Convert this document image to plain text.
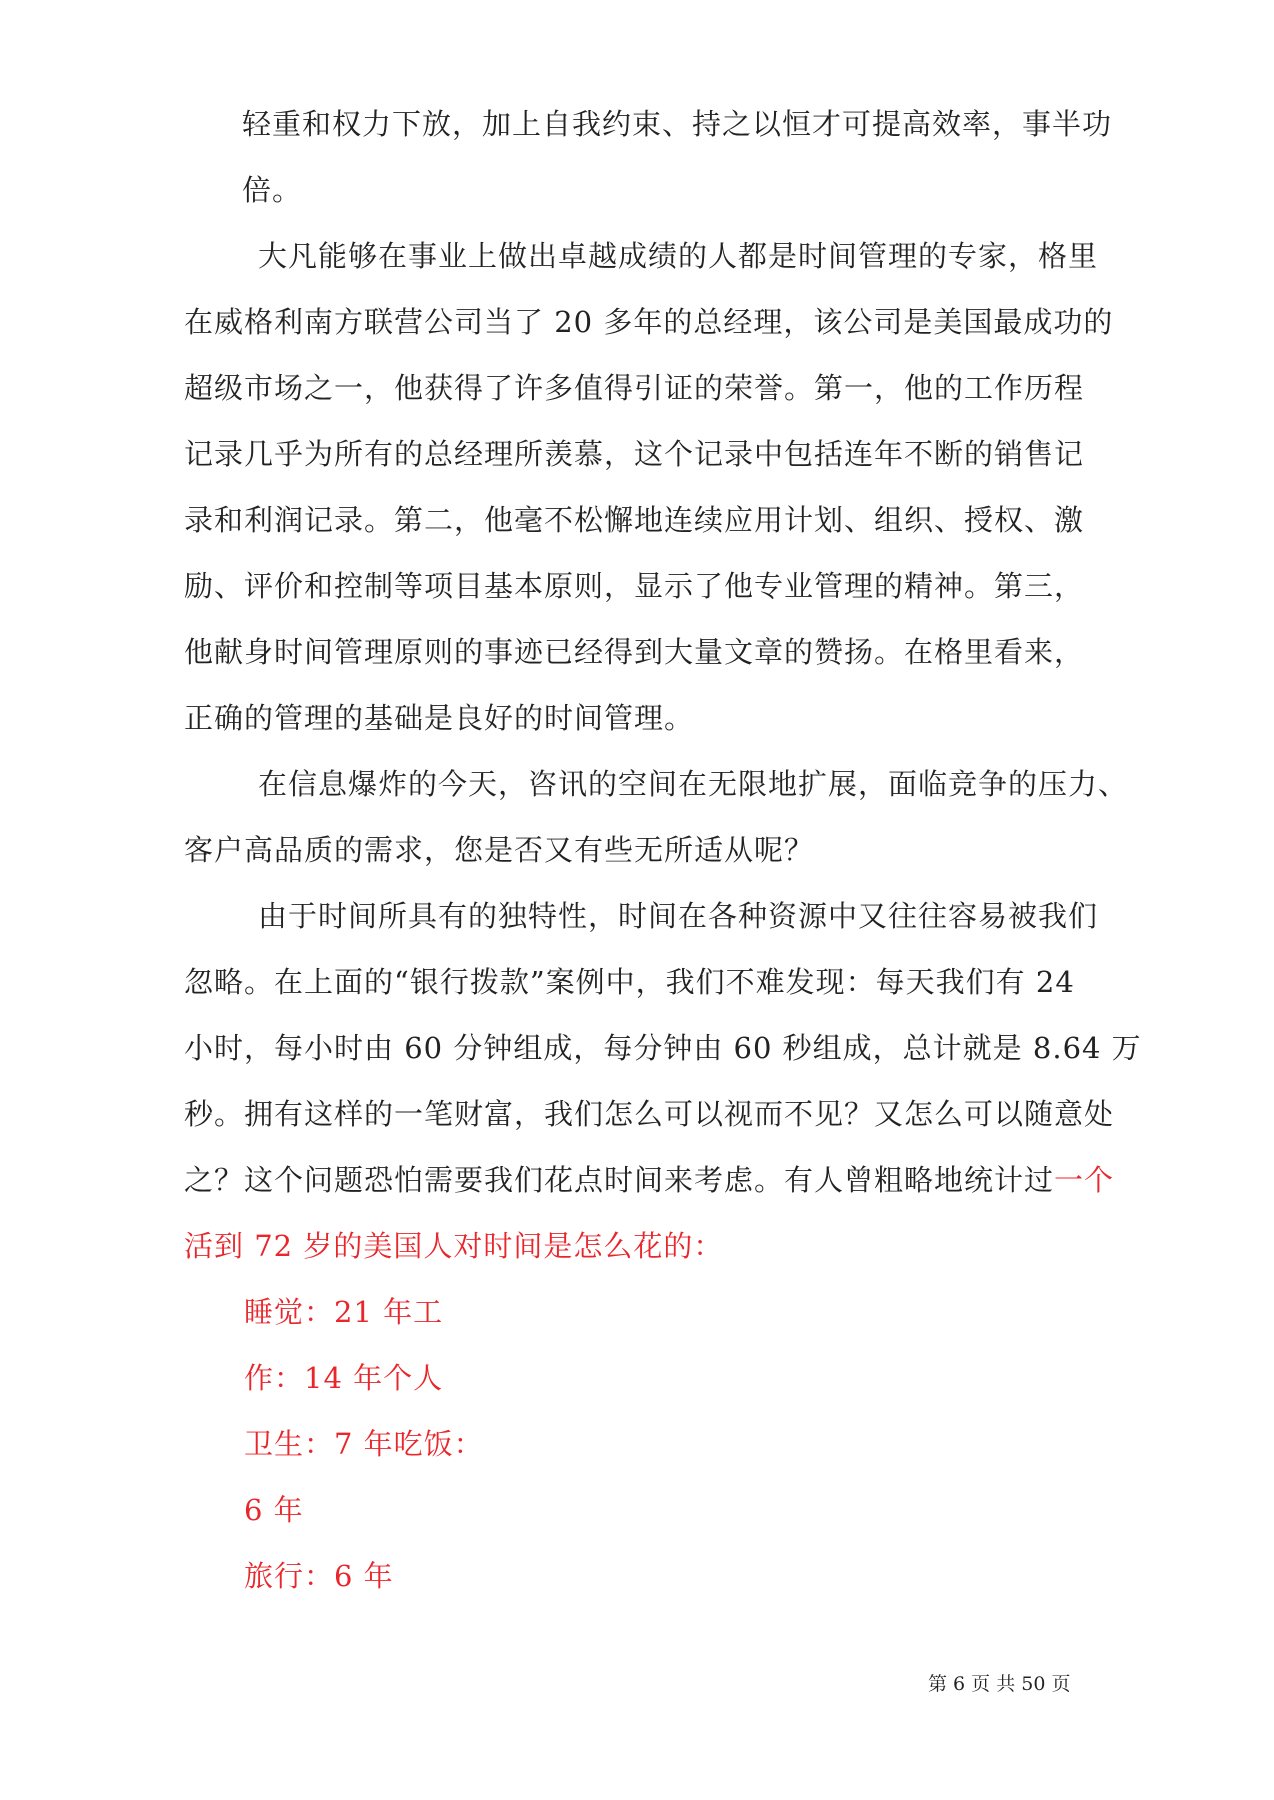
轻重和权力下放，加上自我约束、持之以恒才可提高效率，事半功
倍。
大凡能够在事业上做出卓越成绩的人都是时间管理的专家，格里
在威格利南方联营公司当了 20 多年的总经理，该公司是美国最成功的
超级市场之一，他获得了许多值得引证的荣誉。第一，他的工作历程
记录几乎为所有的总经理所羡慕，这个记录中包括连年不断的销售记
录和利润记录。第二，他毫不松懈地连续应用计划、组织、授权、激
励、评价和控制等项目基本原则，显示了他专业管理的精神。第三，
他献身时间管理原则的事迹已经得到大量文章的赞扬。在格里看来，
正确的管理的基础是良好的时间管理。
在信息爆炸的今天，咨讯的空间在无限地扩展，面临竞争的压力、
客户高品质的需求，您是否又有些无所适从呢？
由于时间所具有的独特性，时间在各种资源中又往往容易被我们
忽略。在上面的“银行拨款”案例中，我们不难发现：每天我们有 24
小时，每小时由 60 分钟组成，每分钟由 60 秒组成，总计就是 8.64 万
秒。拥有这样的一笔财富，我们怎么可以视而不见？又怎么可以随意处
之？这个问题恐怕需要我们花点时间来考虑。有人曾粗略地统计过一个
活到 72 岁的美国人对时间是怎么花的：
睡觉：21 年工
作：14 年个人
卫生：7 年吃饭：
6 年
旅行：6 年
第 6 页 共 50 页
